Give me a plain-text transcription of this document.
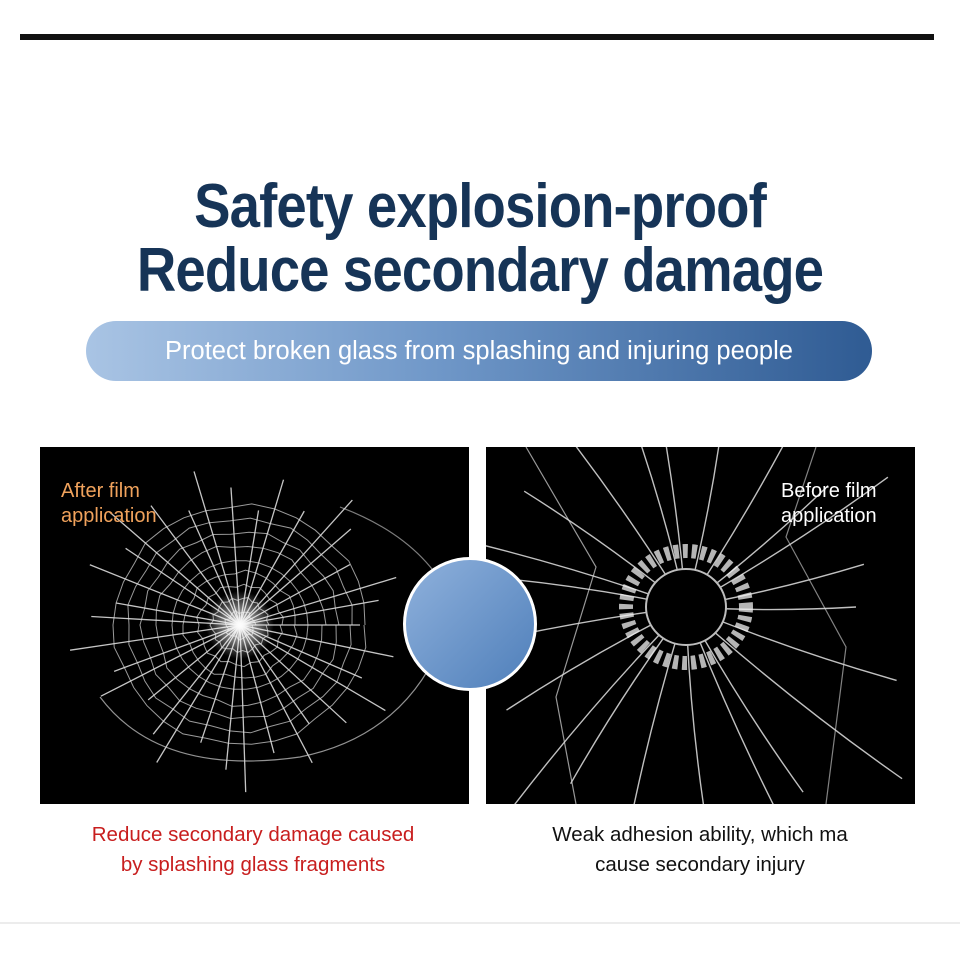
Safety explosion-proof
Reduce secondary damage
Protect broken glass from splashing and injuring people
After film
application
Before film
application
Reduce secondary damage caused
by splashing glass fragments
Weak adhesion ability, which ma
cause secondary injury
